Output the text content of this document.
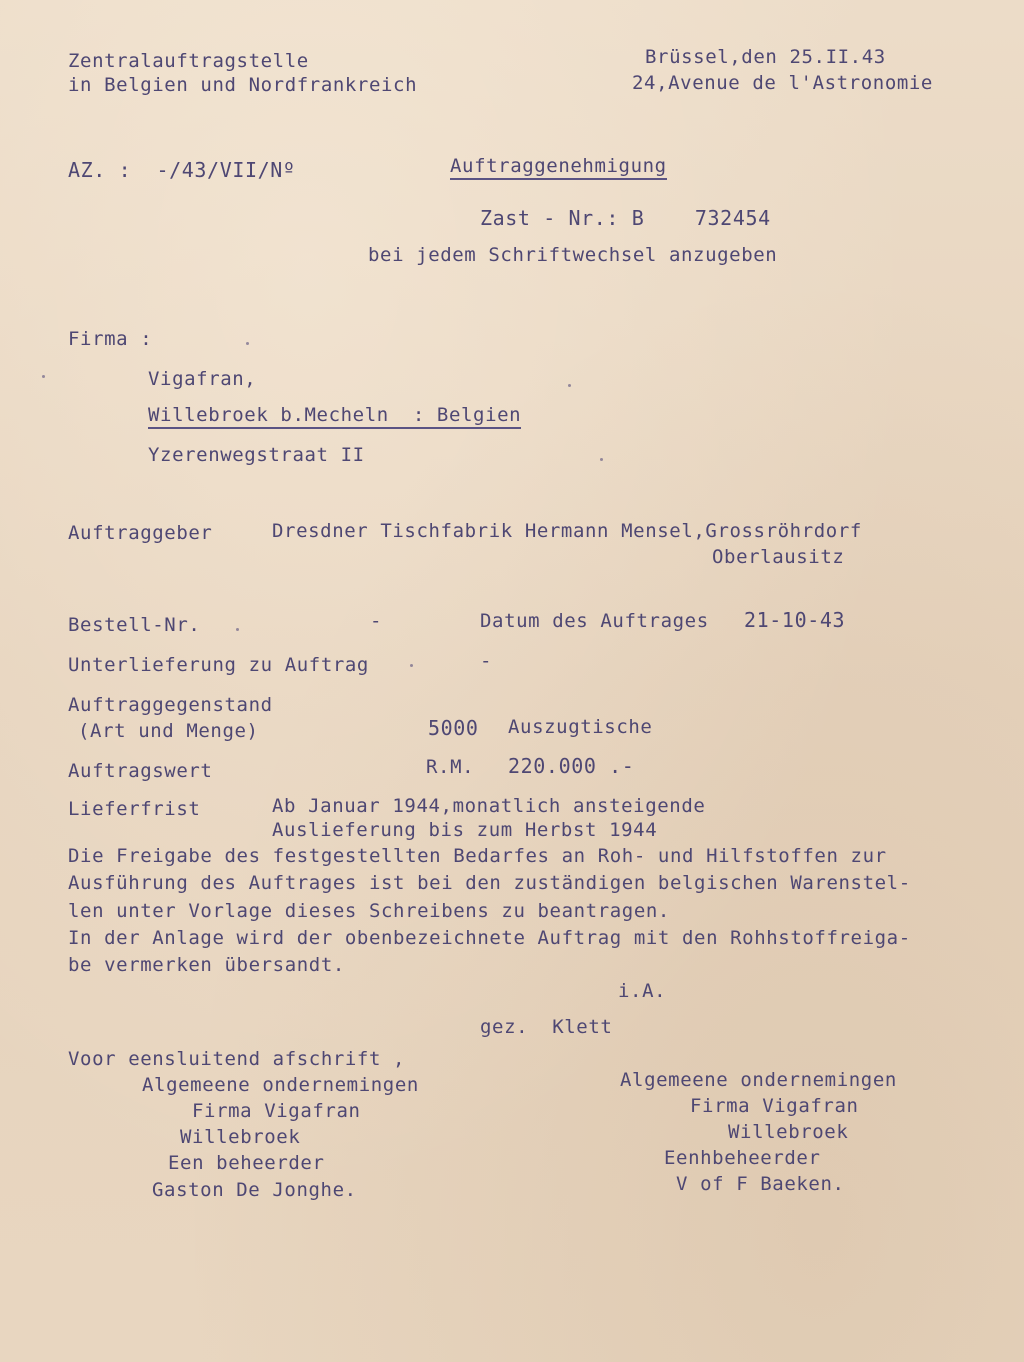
Zentralauftragstelle
in Belgien und Nordfrankreich
Brüssel,den 25.II.43
24,Avenue de l'Astronomie
AZ. :  -/43/VII/Nº	Auftraggenehmigung
Zast - Nr.: B    732454
bei jedem Schriftwechsel anzugeben
Firma :
Vigafran,
Willebroek b.Mecheln  : Belgien
Yzerenwegstraat II
Auftraggeber	Dresdner Tischfabrik Hermann Mensel,Grossröhrdorf
Oberlausitz
Bestell-Nr.	-	Datum des Auftrages 21-10-43
Unterlieferung zu Auftrag	-
Auftraggegenstand
(Art und Menge)	5000 Auszugtische
Auftragswert	R.M. 220.000 .-
Lieferfrist	Ab Januar 1944,monatlich ansteigende
Auslieferung bis zum Herbst 1944
Die Freigabe des festgestellten Bedarfes an Roh- und Hilfstoffen zur
Ausführung des Auftrages ist bei den zuständigen belgischen Warenstel-
len unter Vorlage dieses Schreibens zu beantragen.
In der Anlage wird der obenbezeichnete Auftrag mit den Rohhstoffreiga-
be vermerken übersandt.
i.A.
gez.  Klett
Voor eensluitend afschrift ,
Algemeene ondernemingen
Firma Vigafran
Willebroek
Een beheerder
Gaston De Jonghe.
Algemeene ondernemingen
Firma Vigafran
Willebroek
Eenhbeheerder
V of F Baeken.
